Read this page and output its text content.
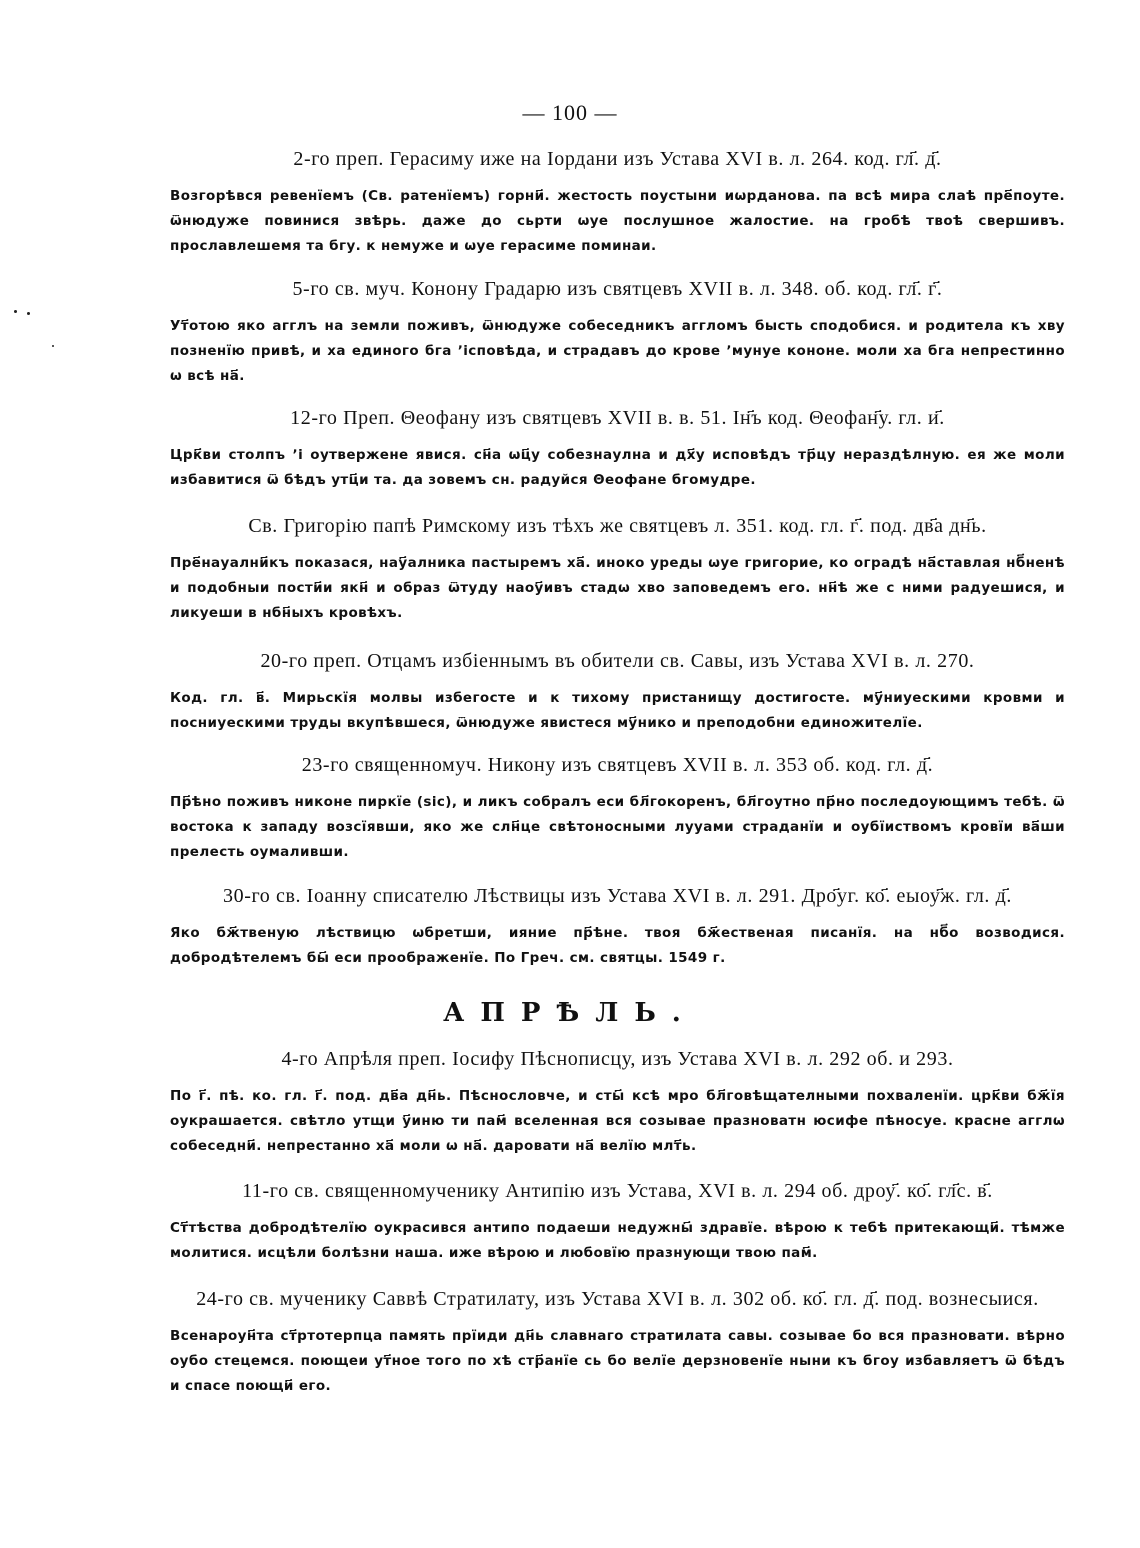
— 100 —
2-го преп. Герасиму иже на Іордани изъ Устава XVI в. л. 264. код. гл҃. д҃.
Возгорѣвся ревенїемъ (Св. ратенїемъ) горни҃. жестость поустыни иωрданова. па всѣ мира слаѣ пре҃поуте. ѿнюдуже повинися звѣрь. даже до сьрти ωуе послушное жалостие. на гробѣ твоѣ свершивъ. прославлешемя та бгу. к немуже и ωуе герасиме поминаи.
5-го св. муч. Конону Градарю изъ святцевъ XVII в. л. 348. об. код. гл҃. г҃.
Ут҃отою яко агглъ на земли поживъ, ѿнюдуже собеседникъ аггломъ бысть сподобися. и родитела къ хву позненїю привѣ, и ха единого бга ʼісповѣда, и страдавъ до крове ʼмунуе кононе. моли ха бга непрестинно ω всѣ на҃.
12-го Преп. Θеофану изъ святцевъ XVII в. в. 51. Ін҃ъ код. Θеофан҃у. гл. и҃.
Црк҃ви столпъ ʼі оутвержене явися. сн҃а ωц҃у собезнаулна и дх҃у исповѣдъ тр҃цу нераздѣлную. ея же моли избавитися ѿ бѣдъ утц҃и та. да зовемъ сн. радуйся Θеофане бгомудре.
Св. Григорію папѣ Римскому изъ тѣхъ же святцевъ л. 351. код. гл. г҃. под. дв҃а дн҃ь.
Пре҃науални҃къ показася, нау҃алника пастыремъ ха҃. иноко уреды ωуе григорие, ко оградѣ на҃ставлая нб҃ненѣ и подобныи пости҃и якн҃ и образ ѿтуду наоу҃ивъ стадω хво заповедемъ его. нн҃ѣ же с ними радуешися, и ликуеши в нбн҃ыхъ кровѣхъ.
20-го преп. Отцамъ избіеннымъ въ обители св. Савы, изъ Устава XVI в. л. 270.
Код. гл. в҃. Мирьскїя молвы избегосте и к тихому пристанищу достигосте. му҃ниуескими кровми и посниуескими труды вкупѣвшеся, ѿнюдуже явистеся му҃нико и преподобни единожителїе.
23-го священномуч. Никону изъ святцевъ XVII в. л. 353 об. код. гл. д҃.
Пр҃ѣно поживъ никоне пиркїе (sic), и ликъ собралъ еси бл҃гокоренъ, бл҃гоутно пр҃но последоующимъ тебѣ. ѿ востока к западу возсїявши, яко же слн҃це свѣтоносными лууами страданїи и оубїиствомъ кровїи ва҃ши прелесть оумаливши.
30-го св. Іоанну списателю Лѣствицы изъ Устава XVI в. л. 291. Дро҃уг. ко҃. еыоу҃ж. гл. д҃.
Яко бж҃твеную лѣствицю ωбретши, ияние пр҃ѣне. твоя бж҃ественая писанїя. на нб҃о возводися. добродѣтелемъ бы҃ еси проображенїе. По Греч. см. святцы. 1549 г.
АПРѢЛЬ.
4-го Апрѣля преп. Іосифу Пѣснописцу, изъ Устава XVI в. л. 292 об. и 293.
По г҃. пѣ. ко. гл. г҃. под. дв҃а дн҃ь. Пѣснословче, и сты҃ ксѣ мро бл҃говѣщателными похваленїи. црк҃ви бж҃їя оукрашается. свѣтло утщи у҃иню ти пам҃ вселенная вся созывае празноватн юсифе пѣносуе. красне агглω собеседни҃. непрестанно ха҃ моли ω на҃. даровати на҃ велїю млт҃ь.
11-го св. священномученику Антипію изъ Устава, XVI в. л. 294 об. дроу҃. ко҃. гл҃с. в҃.
Ст҃тѣства добродѣтелїю оукрасився антипо подаеши недужны҃ здравїе. вѣрою к тебѣ притекающи҃. тѣмже молитися. исцѣли болѣзни наша. иже вѣрою и любовїю празнующи твою пам҃.
24-го св. мученику Саввѣ Стратилату, изъ Устава XVI в. л. 302 об. ко҃. гл. д҃. под. вознесыися.
Всенароун҃та ст҃ртотерпца память прїиди дн҃ь славнаго стратилата савы. созывае бо вся празновати. вѣрно оубо стецемся. поющеи ут҃ное того по хѣ стр҃анїе сь бо велїе дерзновенїе ныни къ бгоу избавляетъ ѿ бѣдъ и спасе поющи҃ его.
